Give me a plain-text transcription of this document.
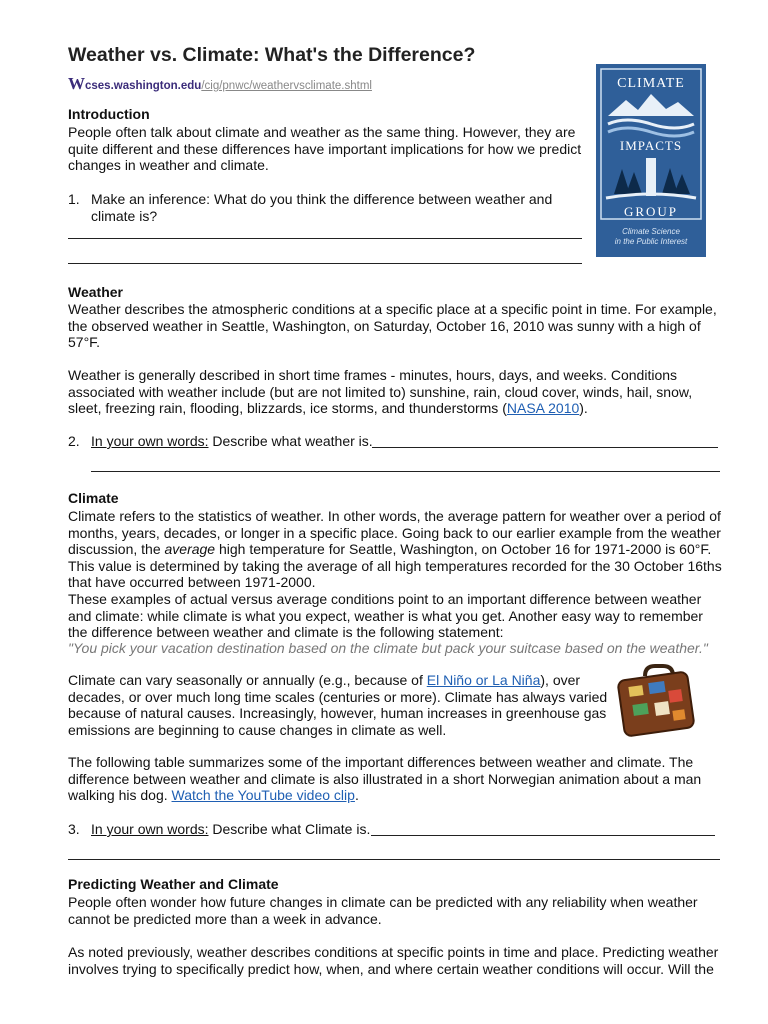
Weather vs. Climate: What's the Difference?
Wcses.washington.edu/cig/pnwc/weathervsclimate.shtml	CLIMATE
IMPACTS
GROUP
Climate Science
in the Public Interest
Introduction

People often talk about climate and weather as the same thing. However, they are quite different and these differences have important implications for how we predict changes in weather and climate.

1. Make an inference: What do you think the difference between weather and climate is?

Weather

Weather describes the atmospheric conditions at a specific place at a specific point in time. For example, the observed weather in Seattle, Washington, on Saturday, October 16, 2010 was sunny with a high of 57°F.

Weather is generally described in short time frames - minutes, hours, days, and weeks. Conditions associated with weather include (but are not limited to) sunshine, rain, cloud cover, winds, hail, snow, sleet, freezing rain, flooding, blizzards, ice storms, and thunderstorms (NASA 2010).

2. In your own words: Describe what weather is.

Climate

Climate refers to the statistics of weather. In other words, the average pattern for weather over a period of months, years, decades, or longer in a specific place. Going back to our earlier example from the weather discussion, the average high temperature for Seattle, Washington, on October 16 for 1971-2000 is 60°F. This value is determined by taking the average of all high temperatures recorded for the 30 October 16ths that have occurred between 1971-2000.

These examples of actual versus average conditions point to an important difference between weather and climate: while climate is what you expect, weather is what you get. Another easy way to remember the difference between weather and climate is the following statement:

"You pick your vacation destination based on the climate but pack your suitcase based on the weather."

Climate can vary seasonally or annually (e.g., because of El Niño or La Niña), over decades, or over much long time scales (centuries or more). Climate has always varied because of natural causes. Increasingly, however, human increases in greenhouse gas emissions are beginning to cause changes in climate as well.

The following table summarizes some of the important differences between weather and climate. The difference between weather and climate is also illustrated in a short Norwegian animation about a man walking his dog. Watch the YouTube video clip.

3. In your own words: Describe what Climate is.

Predicting Weather and Climate

People often wonder how future changes in climate can be predicted with any reliability when weather cannot be predicted more than a week in advance.

As noted previously, weather describes conditions at specific points in time and place. Predicting weather involves trying to specifically predict how, when, and where certain weather conditions will occur. Will the
